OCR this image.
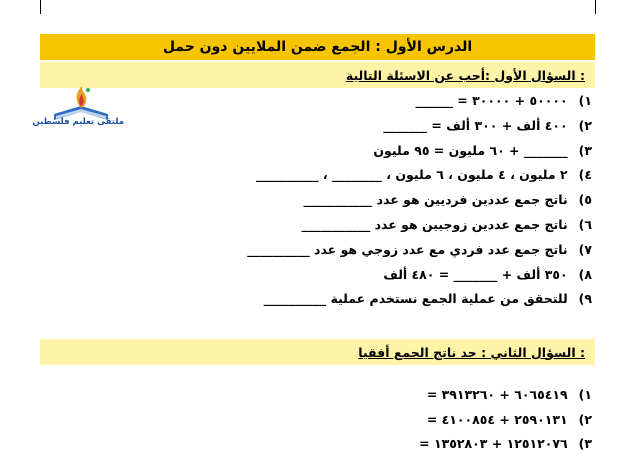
الدرس الأول : الجمع ضمن الملايين دون حمل
السؤال الأول :أجب عن الاسئلة التالية :
ملتقى تعليم فلسطين
١) ٥٠٠٠٠ + ٣٠٠٠٠ = ______
٢) ٤٠٠ ألف + ٣٠٠ ألف = _______
٣) _______ + ٦٠ مليون = ٩٥ مليون
٤) ٢ مليون ، ٤ مليون ، ٦ مليون ، ________ ، __________
٥) ناتج جمع عددين فرديين هو عدد ___________
٦) ناتج جمع عددين زوجيين هو عدد ___________
٧) ناتج جمع عدد فردي مع عدد زوجي هو عدد __________
٨) ٣٥٠ ألف + _______ = ٤٨٠ ألف
٩) للتحقق من عملية الجمع نستخدم عملية __________
السؤال الثاني : جد ناتج الجمع أفقيا :
١) ٦٠٦٥٤١٩ + ٣٩١٣٢٦٠ =
٢) ٢٥٩٠١٣١ + ٤١٠٠٨٥٤ =
٣) ١٢٥١٢٠٧٦ + ١٣٥٢٨٠٣ =
